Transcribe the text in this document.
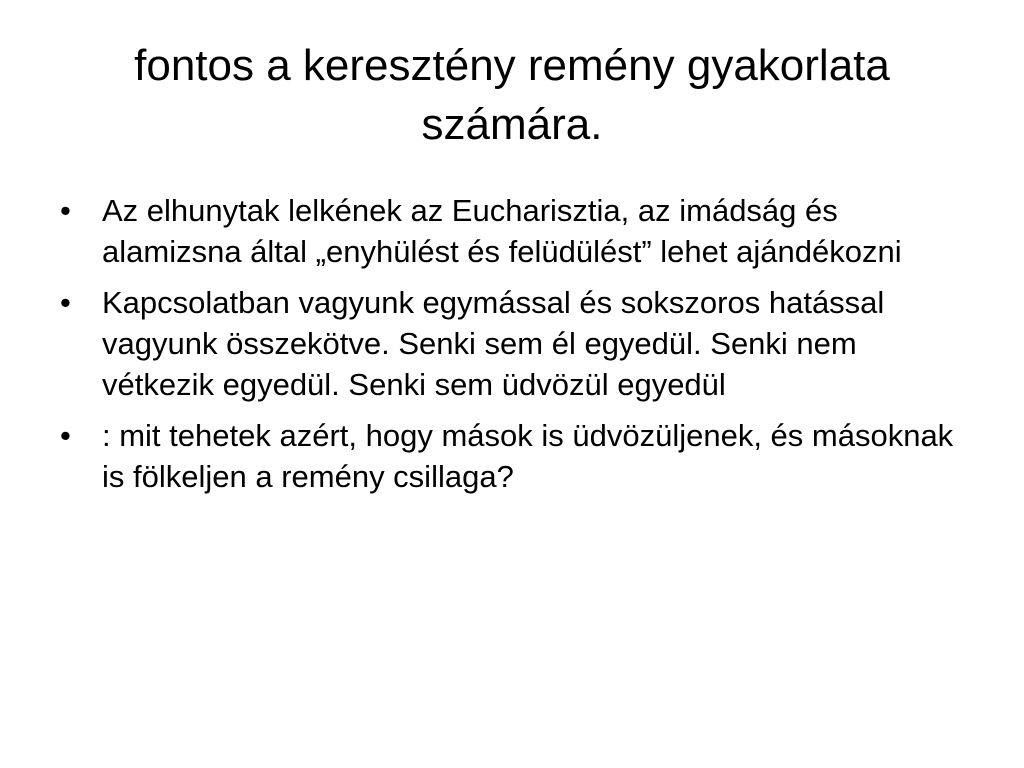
fontos a keresztény remény gyakorlata számára.
• Az elhunytak lelkének az Eucharisztia, az imádság és alamizsna által „enyhülést és felüdülést” lehet ajándékozni
• Kapcsolatban vagyunk egymással és sokszoros hatással vagyunk összekötve. Senki sem él egyedül. Senki nem vétkezik egyedül. Senki sem üdvözül egyedül
• : mit tehetek azért, hogy mások is üdvözüljenek, és másoknak is fölkeljen a remény csillaga?
